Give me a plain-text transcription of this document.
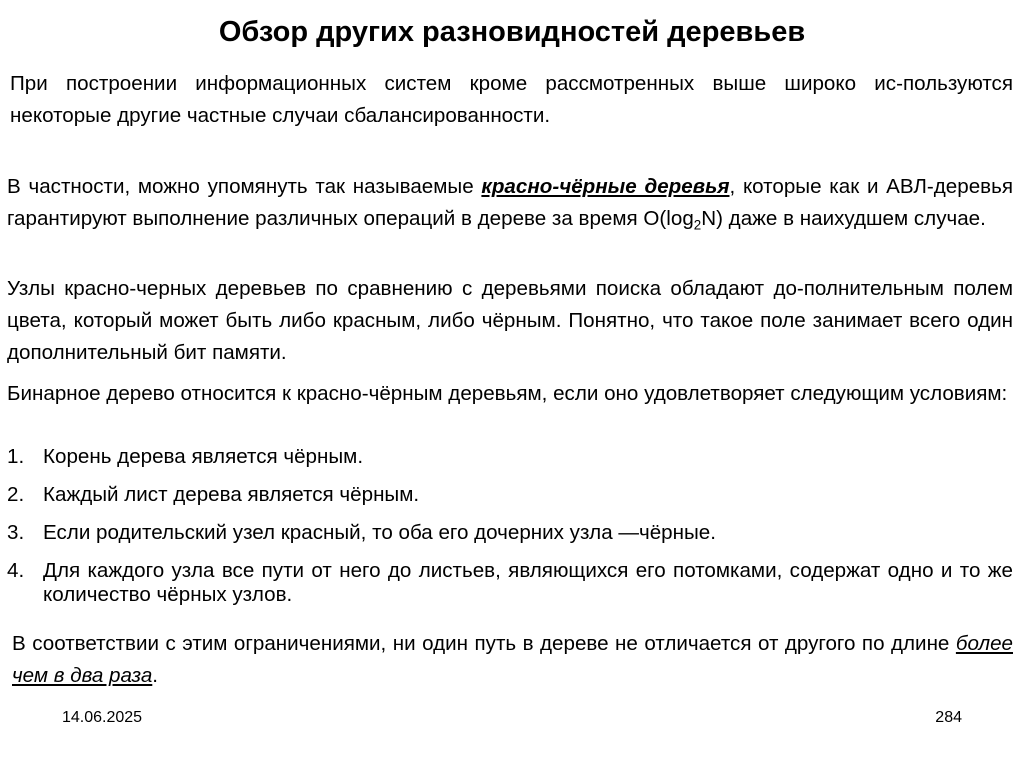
Обзор других разновидностей деревьев

При построении информационных систем кроме рассмотренных выше широко ис-пользуются некоторые другие частные случаи сбалансированности.

В частности, можно упомянуть так называемые красно-чёрные деревья, которые как и АВЛ-деревья гарантируют выполнение различных операций в дереве за время $O(\log_2N)$ даже в наихудшем случае.

Узлы красно-черных деревьев по сравнению с деревьями поиска обладают до-полнительным полем цвета, который может быть либо красным, либо чёрным. Понятно, что такое поле занимает всего один дополнительный бит памяти.

Бинарное дерево относится к красно-чёрным деревьям, если оно удовлетворяет следующим условиям:

1. Корень дерева является чёрным.
2. Каждый лист дерева является чёрным.
3. Если родительский узел красный, то оба его дочерних узла —чёрные.
4. Для каждого узла все пути от него до листьев, являющихся его потомками, содержат одно и то же количество чёрных узлов.

В соответствии с этим ограничениями, ни один путь в дереве не отличается от другого по длине более чем в два раза.

14.06.2025	284
